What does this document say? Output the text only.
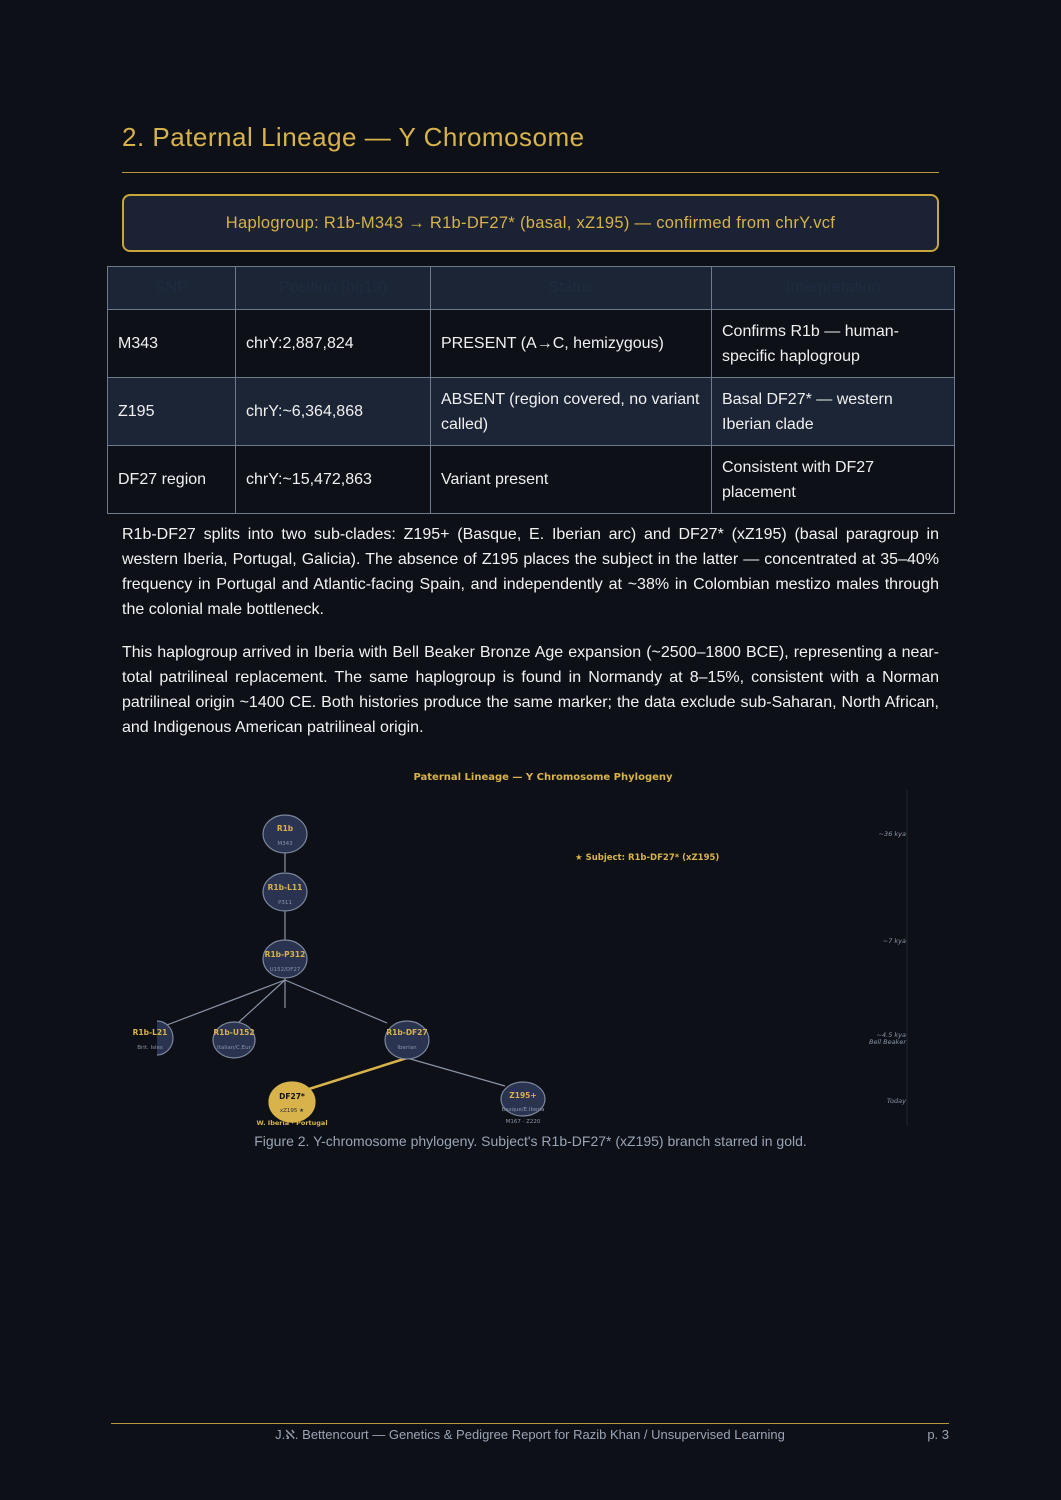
2. Paternal Lineage — Y Chromosome
Haplogroup: R1b-M343 → R1b-DF27* (basal, xZ195) — confirmed from chrY.vcf
SNP	Position (hg19)	Status	Interpretation
M343	chrY:2,887,824	PRESENT (A→C, hemizygous)	Confirms R1b — human-specific haplogroup
Z195	chrY:~6,364,868	ABSENT (region covered, no variant called)	Basal DF27* — western Iberian clade
DF27 region	chrY:~15,472,863	Variant present	Consistent with DF27 placement

R1b-DF27 splits into two sub-clades: Z195+ (Basque, E. Iberian arc) and DF27* (xZ195) (basal paragroup in western Iberia, Portugal, Galicia). The absence of Z195 places the subject in the latter — concentrated at 35–40% frequency in Portugal and Atlantic-facing Spain, and independently at ~38% in Colombian mestizo males through the colonial male bottleneck.

This haplogroup arrived in Iberia with Bell Beaker Bronze Age expansion (~2500–1800 BCE), representing a near-total patrilineal replacement. The same haplogroup is found in Normandy at 8–15%, consistent with a Norman patrilineal origin ~1400 CE. Both histories produce the same marker; the data exclude sub-Saharan, North African, and Indigenous American patrilineal origin.

Paternal Lineage — Y Chromosome Phylogeny
★ Subject: R1b-DF27* (xZ195)
~36 kya
~7 kya
~4.5 kya
Bell Beaker
Today
R1b
M343
R1b-L11
P311
R1b-P312
U152/DF27
R1b-L21
Brit. Isles
R1b-U152
Italian/C.Eur
R1b-DF27
Iberian
DF27*
xZ195 ★
W. Iberia · Portugal
Z195+
Basque/E.Iberia
M167 · Z220
Figure 2. Y-chromosome phylogeny. Subject's R1b-DF27* (xZ195) branch starred in gold.
J.ℵ. Bettencourt — Genetics & Pedigree Report for Razib Khan / Unsupervised Learning	p. 3
